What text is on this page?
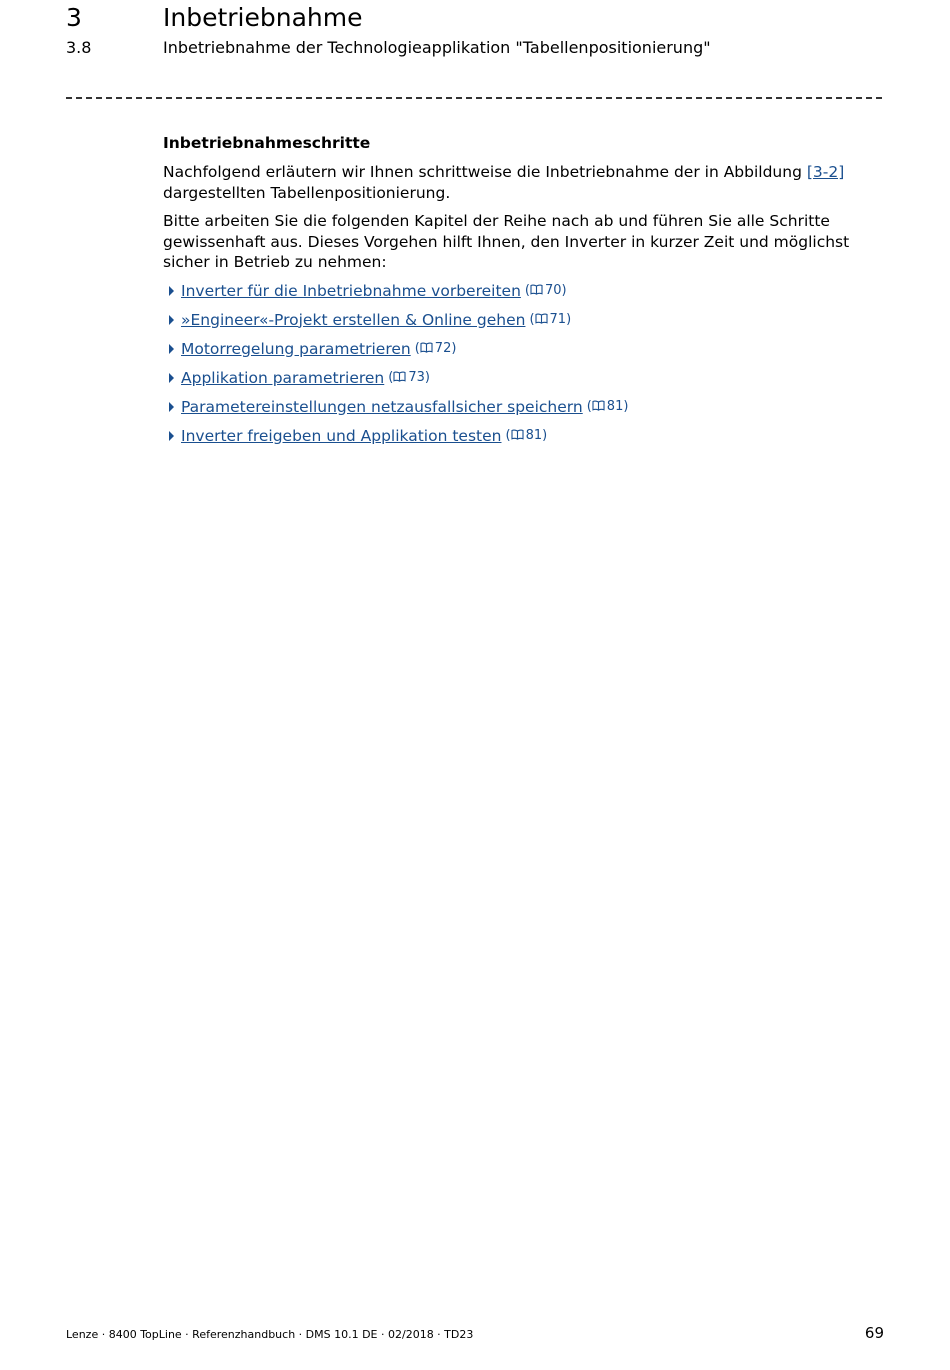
3	Inbetriebnahme
3.8	Inbetriebnahme der Technologieapplikation "Tabellenpositionierung"
Inbetriebnahmeschritte

Nachfolgend erläutern wir Ihnen schrittweise die Inbetriebnahme der in Abbildung [3-2] dargestellten Tabellenpositionierung.

Bitte arbeiten Sie die folgenden Kapitel der Reihe nach ab und führen Sie alle Schritte gewissenhaft aus. Dieses Vorgehen hilft Ihnen, den Inverter in kurzer Zeit und möglichst sicher in Betrieb zu nehmen:

Inverter für die Inbetriebnahme vorbereiten ( 70)
»Engineer«-Projekt erstellen & Online gehen ( 71)
Motorregelung parametrieren ( 72)
Applikation parametrieren ( 73)
Parametereinstellungen netzausfallsicher speichern ( 81)
Inverter freigeben und Applikation testen ( 81)
Lenze · 8400 TopLine · Referenzhandbuch · DMS 10.1 DE · 02/2018 · TD23	69
